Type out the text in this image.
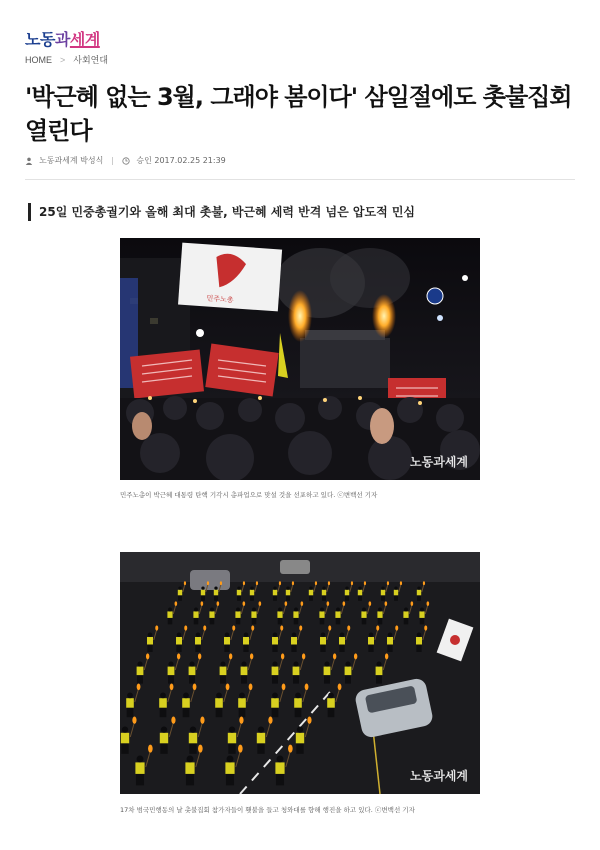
노동 과 세계
HOME > 사회연대
'박근혜 없는 3월, 그래야 봄이다' 삼일절에도 촛불집회 열린다
노동과세계 박성식	승인 2017.02.25 21:39
25일 민중총궐기와 올해 최대 촛불, 박근혜 세력 반격 넘은 압도적 민심
민주노총
노동과세계
민주노총이 박근혜 대통령 탄핵 기각시 총파업으로 맞설 것을 선포하고 있다. ⓒ변백선 기자
노동과세계
17차 범국민행동의 날 촛불집회 참가자들이 횃불을 들고 청와대를 향해 행진을 하고 있다. ⓒ변백선 기자
